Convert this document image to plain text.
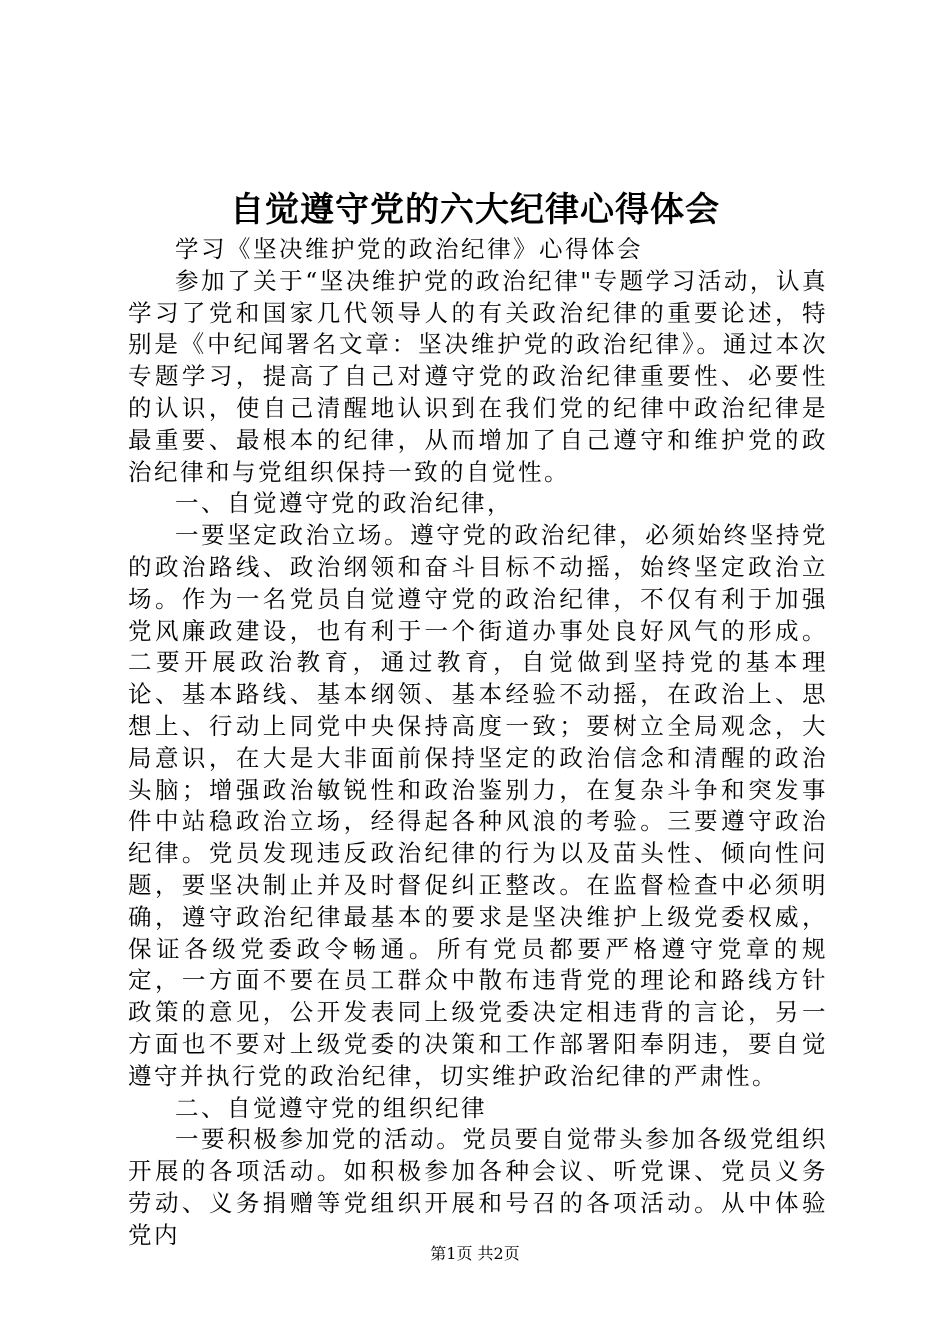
自觉遵守党的六大纪律心得体会

学习《坚决维护党的政治纪律》心得体会

参加了关于“坚决维护党的政治纪律"专题学习活动，认真学习了党和国家几代领导人的有关政治纪律的重要论述，特别是《中纪闻署名文章：坚决维护党的政治纪律》。通过本次专题学习，提高了自己对遵守党的政治纪律重要性、必要性的认识，使自己清醒地认识到在我们党的纪律中政治纪律是最重要、最根本的纪律，从而增加了自己遵守和维护党的政治纪律和与党组织保持一致的自觉性。

一、自觉遵守党的政治纪律，

一要坚定政治立场。遵守党的政治纪律，必须始终坚持党的政治路线、政治纲领和奋斗目标不动摇，始终坚定政治立场。作为一名党员自觉遵守党的政治纪律，不仅有利于加强党风廉政建设，也有利于一个街道办事处良好风气的形成。二要开展政治教育，通过教育，自觉做到坚持党的基本理论、基本路线、基本纲领、基本经验不动摇，在政治上、思想上、行动上同党中央保持高度一致；要树立全局观念，大局意识，在大是大非面前保持坚定的政治信念和清醒的政治头脑；增强政治敏锐性和政治鉴别力，在复杂斗争和突发事件中站稳政治立场，经得起各种风浪的考验。三要遵守政治纪律。党员发现违反政治纪律的行为以及苗头性、倾向性问题，要坚决制止并及时督促纠正整改。在监督检查中必须明确，遵守政治纪律最基本的要求是坚决维护上级党委权威，保证各级党委政令畅通。所有党员都要严格遵守党章的规定，一方面不要在员工群众中散布违背党的理论和路线方针政策的意见，公开发表同上级党委决定相违背的言论，另一方面也不要对上级党委的决策和工作部署阳奉阴违，要自觉遵守并执行党的政治纪律，切实维护政治纪律的严肃性。

二、自觉遵守党的组织纪律

一要积极参加党的活动。党员要自觉带头参加各级党组织开展的各项活动。如积极参加各种会议、听党课、党员义务劳动、义务捐赠等党组织开展和号召的各项活动。从中体验党内

第1页 共2页
